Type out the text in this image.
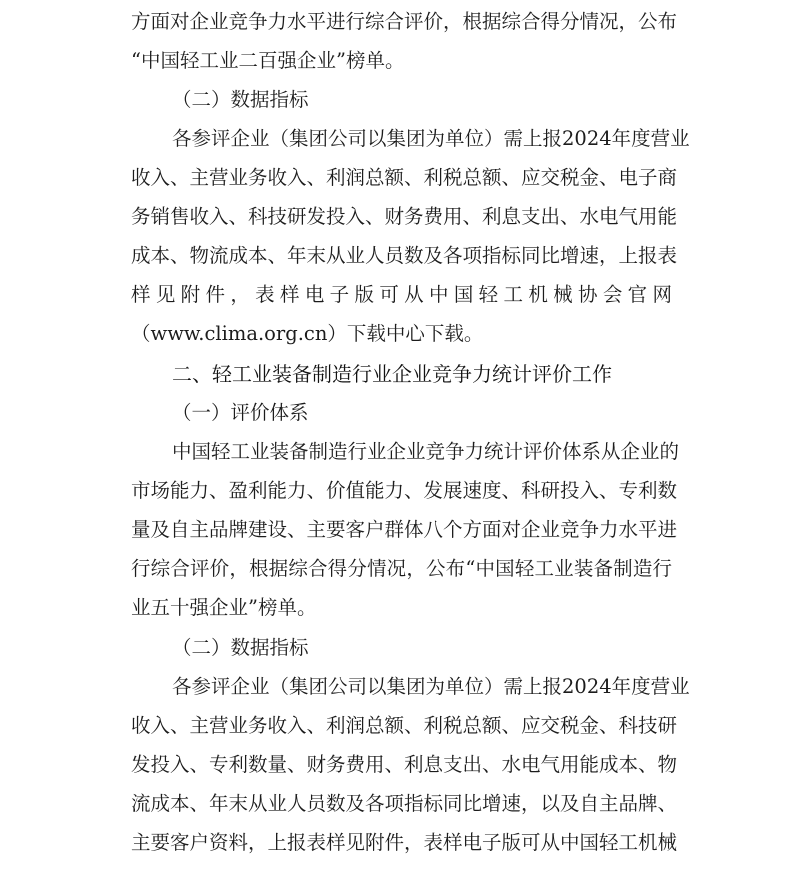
方面对企业竞争力水平进行综合评价，根据综合得分情况，公布
“中国轻工业二百强企业”榜单。
（二）数据指标
各参评企业（集团公司以集团为单位）需上报2024年度营业
收入、主营业务收入、利润总额、利税总额、应交税金、电子商
务销售收入、科技研发投入、财务费用、利息支出、水电气用能
成本、物流成本、年末从业人员数及各项指标同比增速，上报表
样见附件，表样电子版可从中国轻工机械协会官网
（www.clima.org.cn）下载中心下载。
二、轻工业装备制造行业企业竞争力统计评价工作
（一）评价体系
中国轻工业装备制造行业企业竞争力统计评价体系从企业的
市场能力、盈利能力、价值能力、发展速度、科研投入、专利数
量及自主品牌建设、主要客户群体八个方面对企业竞争力水平进
行综合评价，根据综合得分情况，公布“中国轻工业装备制造行
业五十强企业”榜单。
（二）数据指标
各参评企业（集团公司以集团为单位）需上报2024年度营业
收入、主营业务收入、利润总额、利税总额、应交税金、科技研
发投入、专利数量、财务费用、利息支出、水电气用能成本、物
流成本、年末从业人员数及各项指标同比增速，以及自主品牌、
主要客户资料，上报表样见附件，表样电子版可从中国轻工机械
